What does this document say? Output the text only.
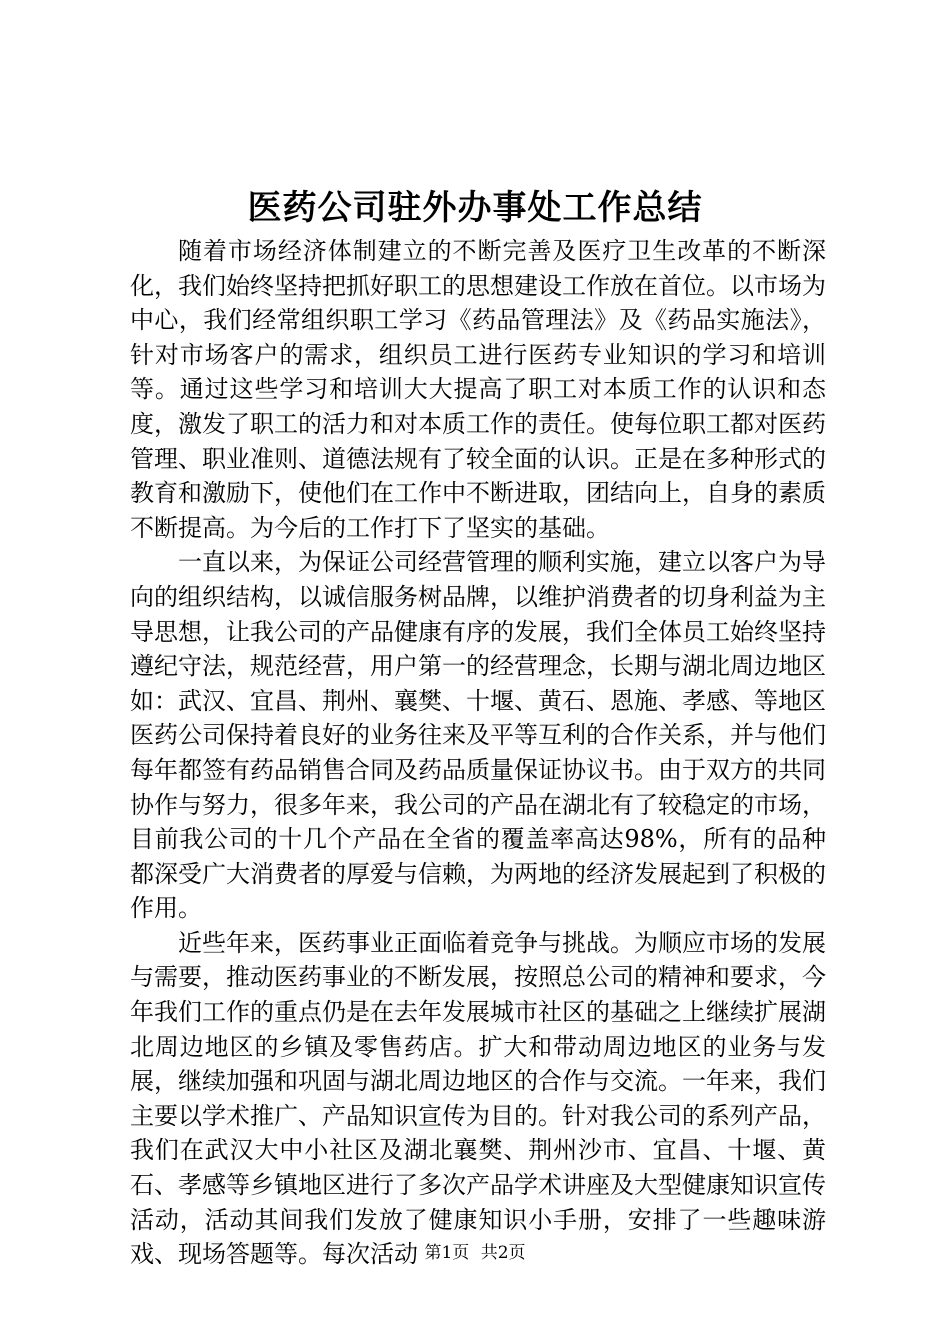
医药公司驻外办事处工作总结

随着市场经济体制建立的不断完善及医疗卫生改革的不断深化，我们始终坚持把抓好职工的思想建设工作放在首位。以市场为中心，我们经常组织职工学习《药品管理法》及《药品实施法》，针对市场客户的需求，组织员工进行医药专业知识的学习和培训等。通过这些学习和培训大大提高了职工对本质工作的认识和态度，激发了职工的活力和对本质工作的责任。使每位职工都对医药管理、职业准则、道德法规有了较全面的认识。正是在多种形式的教育和激励下，使他们在工作中不断进取，团结向上，自身的素质不断提高。为今后的工作打下了坚实的基础。

一直以来，为保证公司经营管理的顺利实施，建立以客户为导向的组织结构，以诚信服务树品牌，以维护消费者的切身利益为主导思想，让我公司的产品健康有序的发展，我们全体员工始终坚持遵纪守法，规范经营，用户第一的经营理念，长期与湖北周边地区如：武汉、宜昌、荆州、襄樊、十堰、黄石、恩施、孝感、等地区医药公司保持着良好的业务往来及平等互利的合作关系，并与他们每年都签有药品销售合同及药品质量保证协议书。由于双方的共同协作与努力，很多年来，我公司的产品在湖北有了较稳定的市场，目前我公司的十几个产品在全省的覆盖率高达98%，所有的品种都深受广大消费者的厚爱与信赖，为两地的经济发展起到了积极的作用。

近些年来，医药事业正面临着竞争与挑战。为顺应市场的发展与需要，推动医药事业的不断发展，按照总公司的精神和要求，今年我们工作的重点仍是在去年发展城市社区的基础之上继续扩展湖北周边地区的乡镇及零售药店。扩大和带动周边地区的业务与发展，继续加强和巩固与湖北周边地区的合作与交流。一年来，我们主要以学术推广、产品知识宣传为目的。针对我公司的系列产品，我们在武汉大中小社区及湖北襄樊、荆州沙市、宜昌、十堰、黄石、孝感等乡镇地区进行了多次产品学术讲座及大型健康知识宣传活动，活动其间我们发放了健康知识小手册，安排了一些趣味游戏、现场答题等。每次活动 第1页 共2页
